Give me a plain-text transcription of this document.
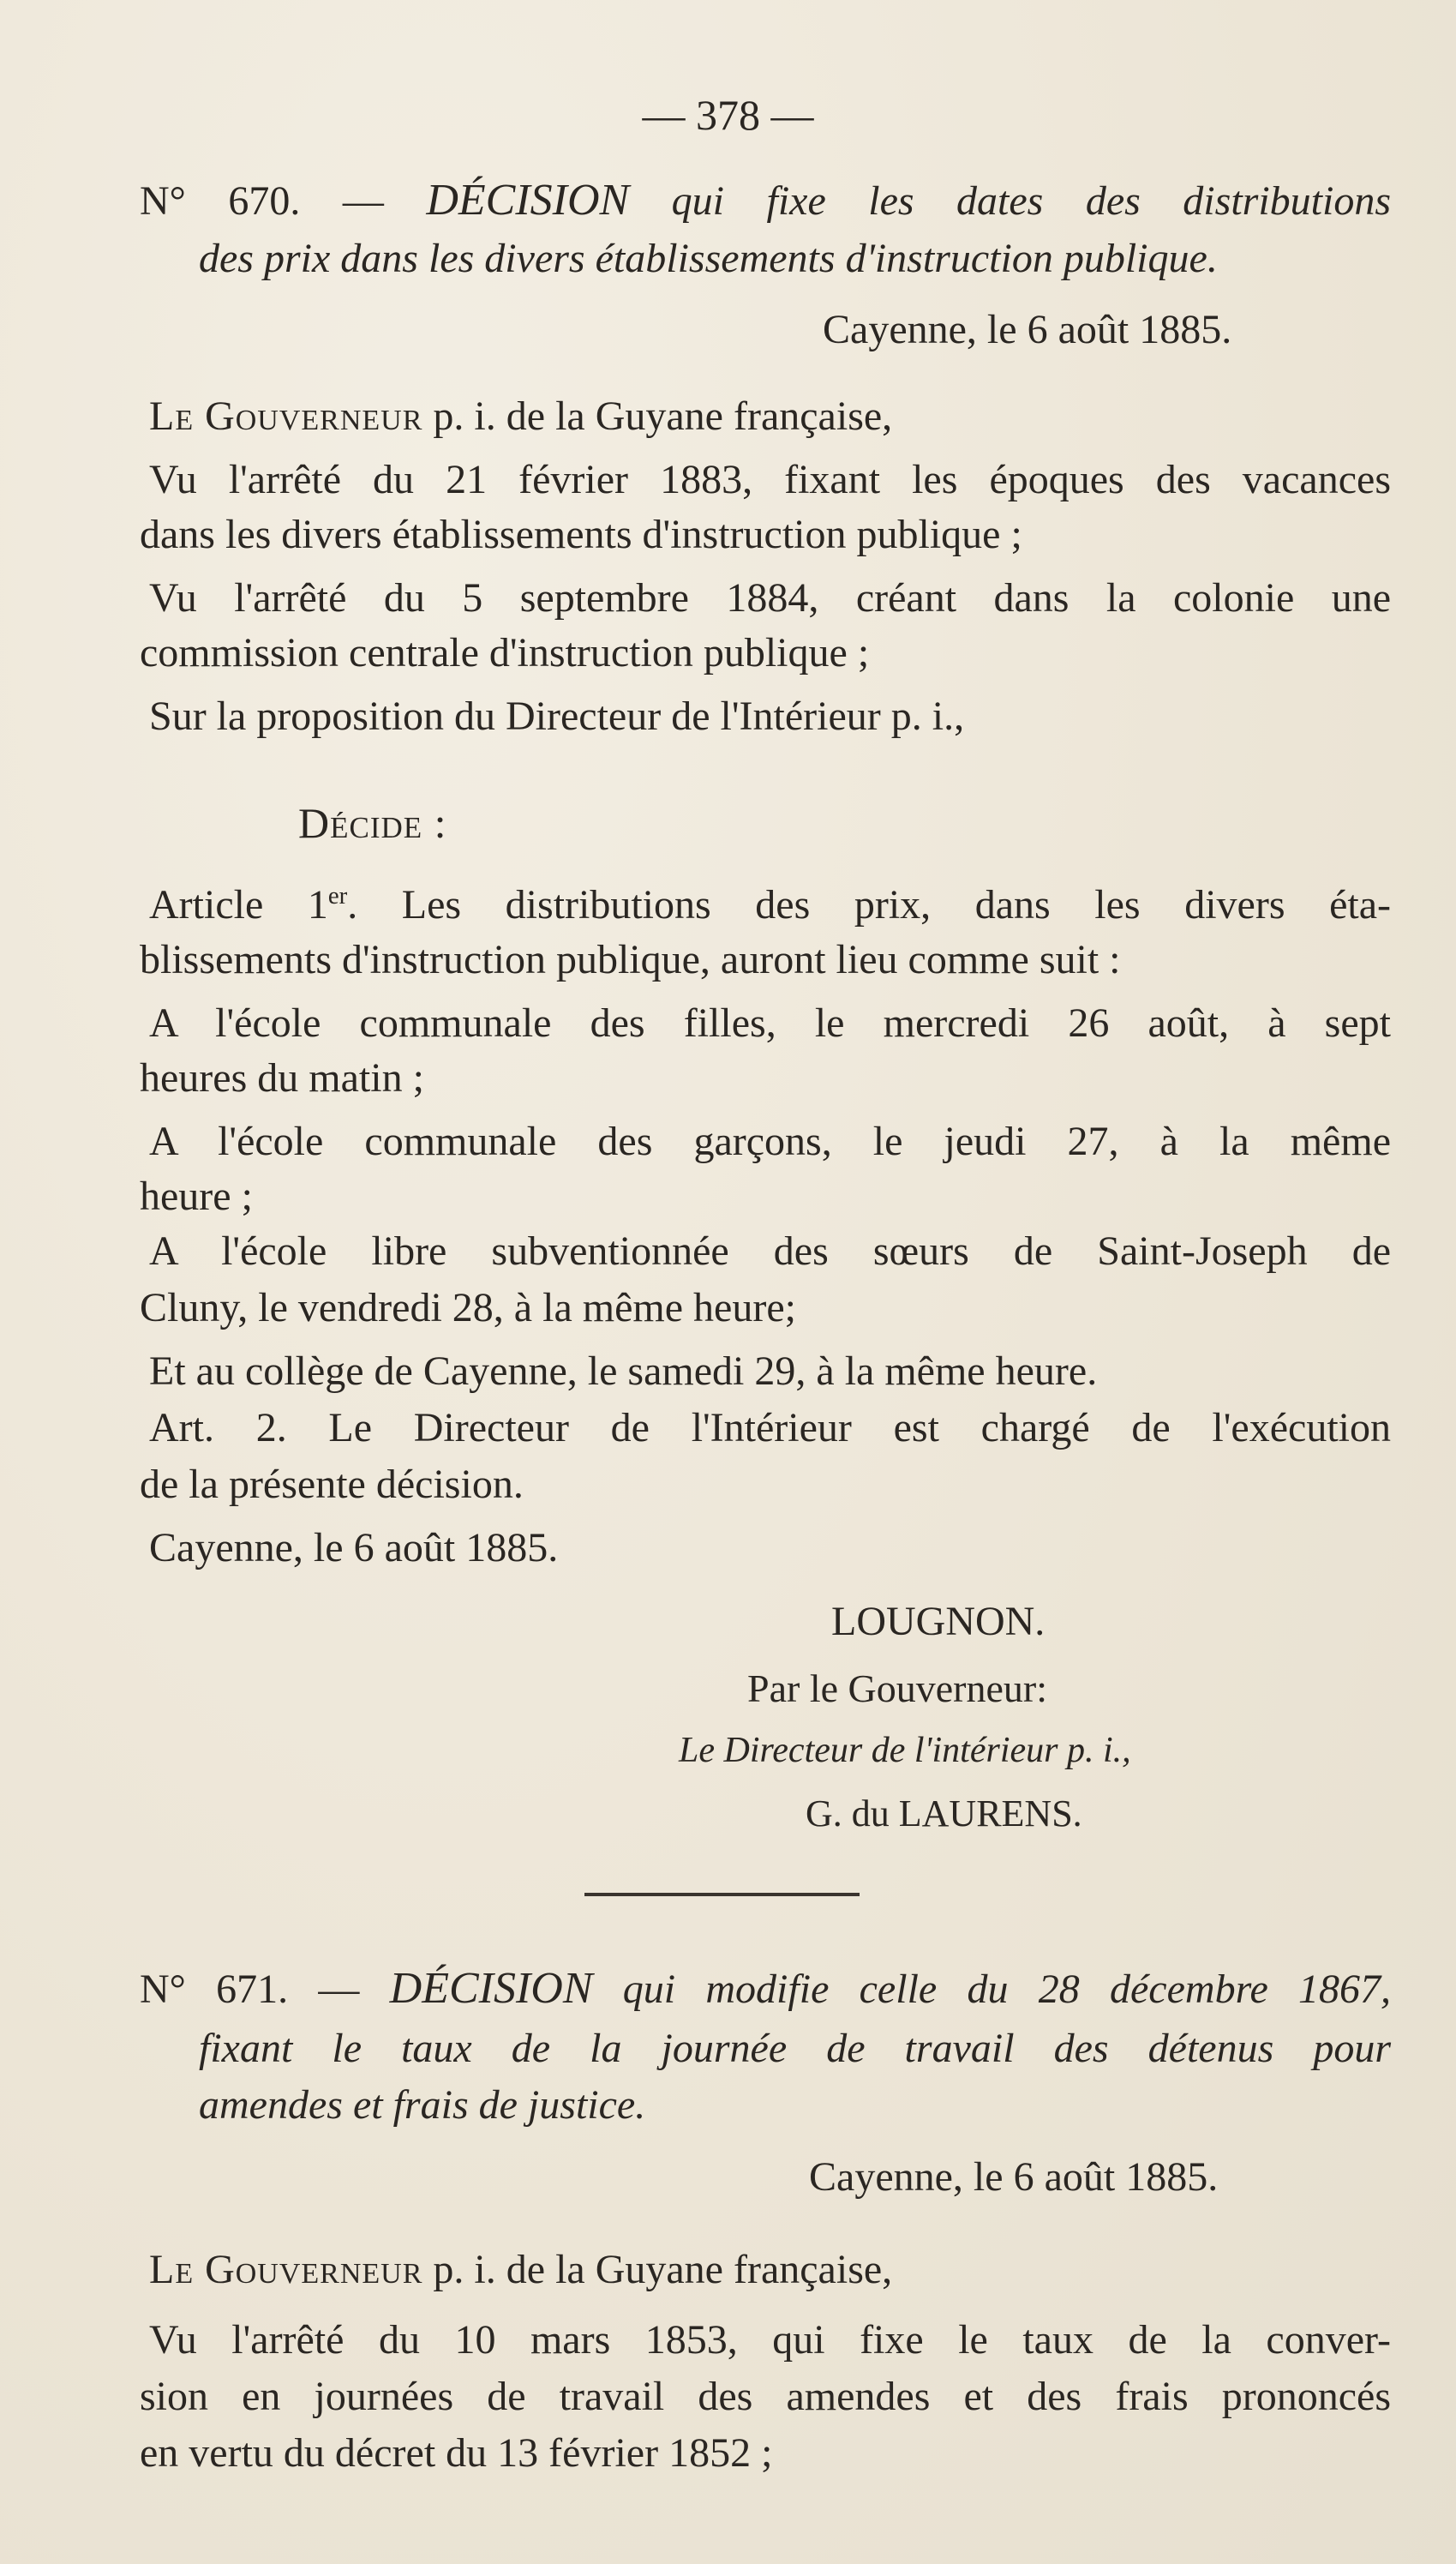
— 378 —
N° 670. — DÉCISION qui fixe les dates des distributions
des prix dans les divers établissements d'instruction publique.
Cayenne, le 6 août 1885.
Le Gouverneur p. i. de la Guyane française,
Vu l'arrêté du 21 février 1883, fixant les époques des vacances
dans les divers établissements d'instruction publique ;
Vu l'arrêté du 5 septembre 1884, créant dans la colonie une
commission centrale d'instruction publique ;
Sur la proposition du Directeur de l'Intérieur p. i.,
Décide :
Article 1er. Les distributions des prix, dans les divers éta-
blissements d'instruction publique, auront lieu comme suit :
A l'école communale des filles, le mercredi 26 août, à sept
heures du matin ;
A l'école communale des garçons, le jeudi 27, à la même
heure ;
A l'école libre subventionnée des sœurs de Saint-Joseph de
Cluny, le vendredi 28, à la même heure;
Et au collège de Cayenne, le samedi 29, à la même heure.
Art. 2. Le Directeur de l'Intérieur est chargé de l'exécution
de la présente décision.
Cayenne, le 6 août 1885.
LOUGNON.
Par le Gouverneur:
Le Directeur de l'intérieur p. i.,
G. du LAURENS.
N° 671. — DÉCISION qui modifie celle du 28 décembre 1867,
fixant le taux de la journée de travail des détenus pour
amendes et frais de justice.
Cayenne, le 6 août 1885.
Le Gouverneur p. i. de la Guyane française,
Vu l'arrêté du 10 mars 1853, qui fixe le taux de la conver-
sion en journées de travail des amendes et des frais prononcés
en vertu du décret du 13 février 1852 ;
